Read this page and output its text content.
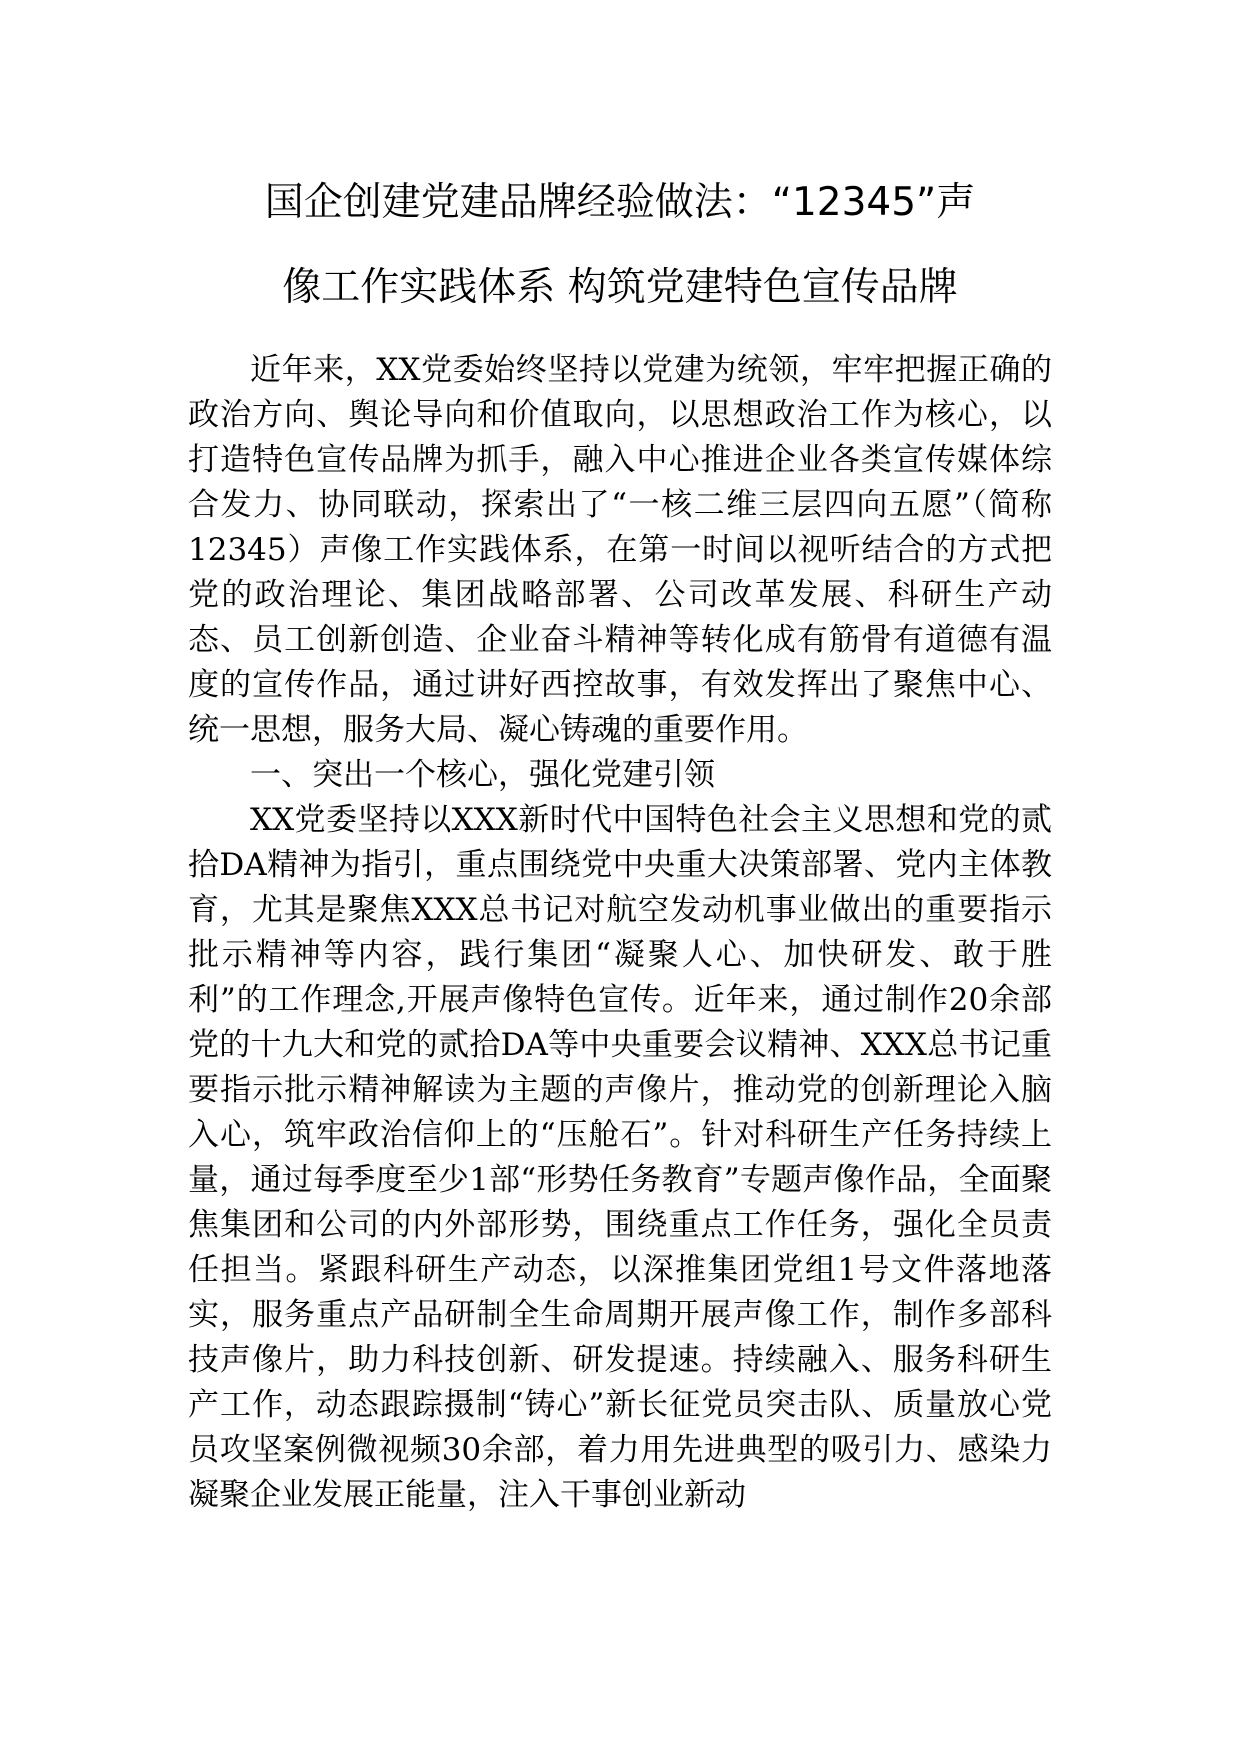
国企创建党建品牌经验做法：“12345”声
像工作实践体系 构筑党建特色宣传品牌

近年来，XX党委始终坚持以党建为统领，牢牢把握正确的政治方向、舆论导向和价值取向，以思想政治工作为核心，以打造特色宣传品牌为抓手，融入中心推进企业各类宣传媒体综合发力、协同联动，探索出了“一核二维三层四向五愿”（简称12345）声像工作实践体系，在第一时间以视听结合的方式把党的政治理论、集团战略部署、公司改革发展、科研生产动态、员工创新创造、企业奋斗精神等转化成有筋骨有道德有温度的宣传作品，通过讲好西控故事，有效发挥出了聚焦中心、统一思想，服务大局、凝心铸魂的重要作用。

一、突出一个核心，强化党建引领

XX党委坚持以XXX新时代中国特色社会主义思想和党的贰拾DA精神为指引，重点围绕党中央重大决策部署、党内主体教育，尤其是聚焦XXX总书记对航空发动机事业做出的重要指示批示精神等内容，践行集团“凝聚人心、加快研发、敢于胜利”的工作理念,开展声像特色宣传。近年来，通过制作20余部党的十九大和党的贰拾DA等中央重要会议精神、XXX总书记重要指示批示精神解读为主题的声像片，推动党的创新理论入脑入心，筑牢政治信仰上的“压舱石”。针对科研生产任务持续上量，通过每季度至少1部“形势任务教育”专题声像作品，全面聚焦集团和公司的内外部形势，围绕重点工作任务，强化全员责任担当。紧跟科研生产动态，以深推集团党组1号文件落地落实，服务重点产品研制全生命周期开展声像工作，制作多部科技声像片，助力科技创新、研发提速。持续融入、服务科研生产工作，动态跟踪摄制“铸心”新长征党员突击队、质量放心党员攻坚案例微视频30余部，着力用先进典型的吸引力、感染力凝聚企业发展正能量，注入干事创业新动
